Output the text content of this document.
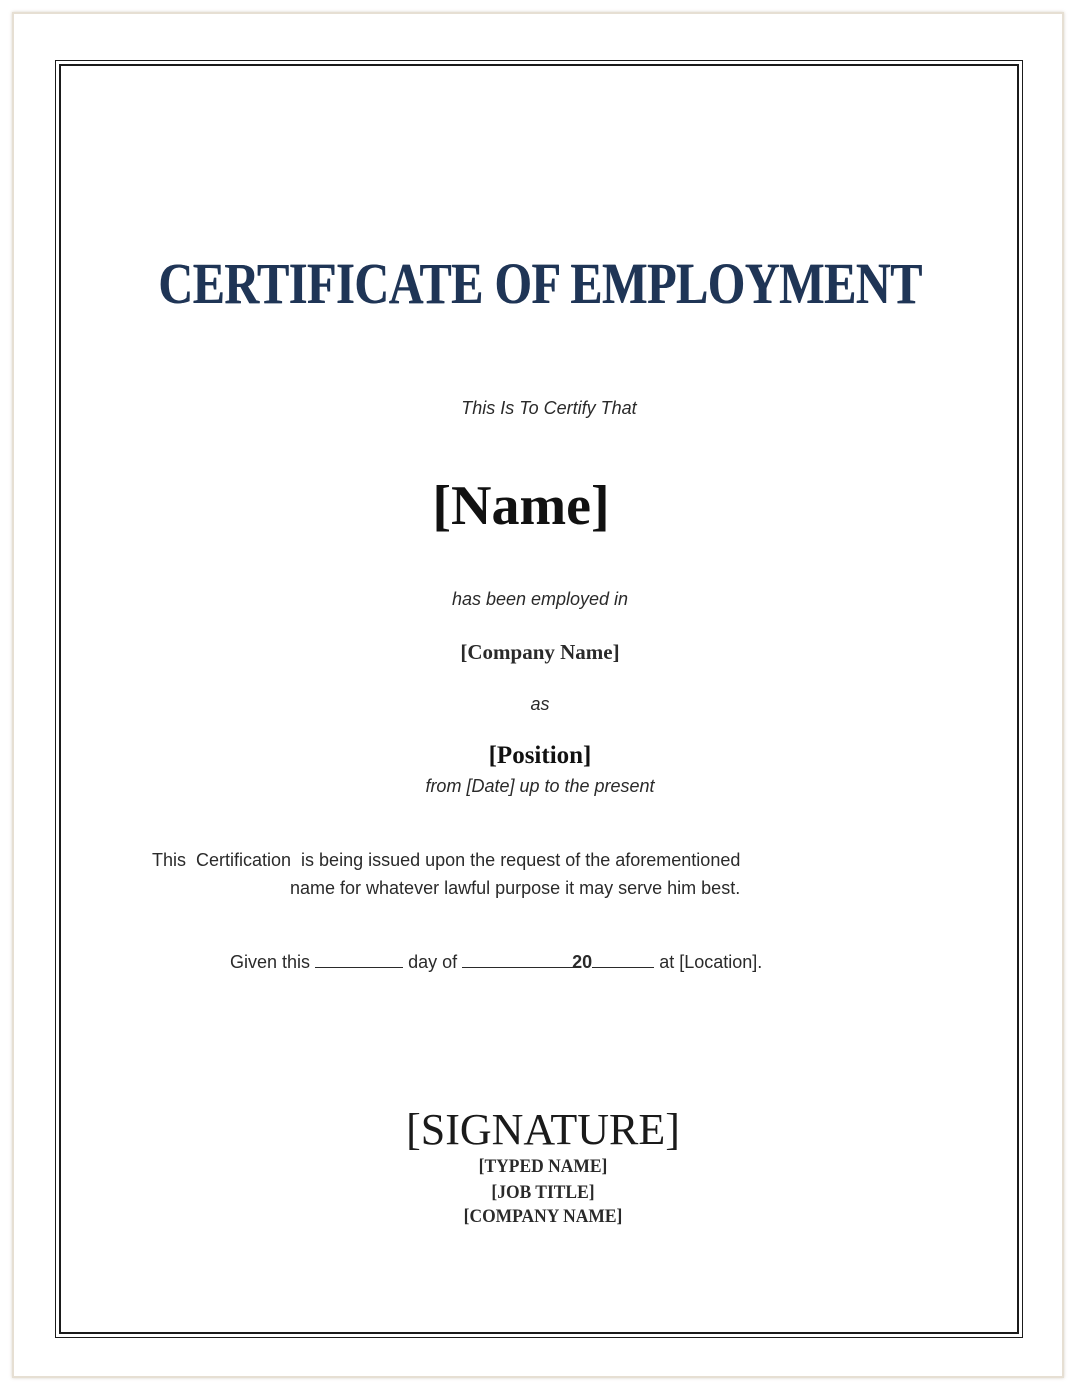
CERTIFICATE OF EMPLOYMENT

This Is To Certify That

[Name]

has been employed in

[Company Name]

as

[Position]

from [Date] up to the present

This  Certification  is being issued upon the request of the aforementioned

name for whatever lawful purpose it may serve him best.

Given this	day of	20	at [Location].

[SIGNATURE]

[TYPED NAME]

[JOB TITLE]

[COMPANY NAME]
